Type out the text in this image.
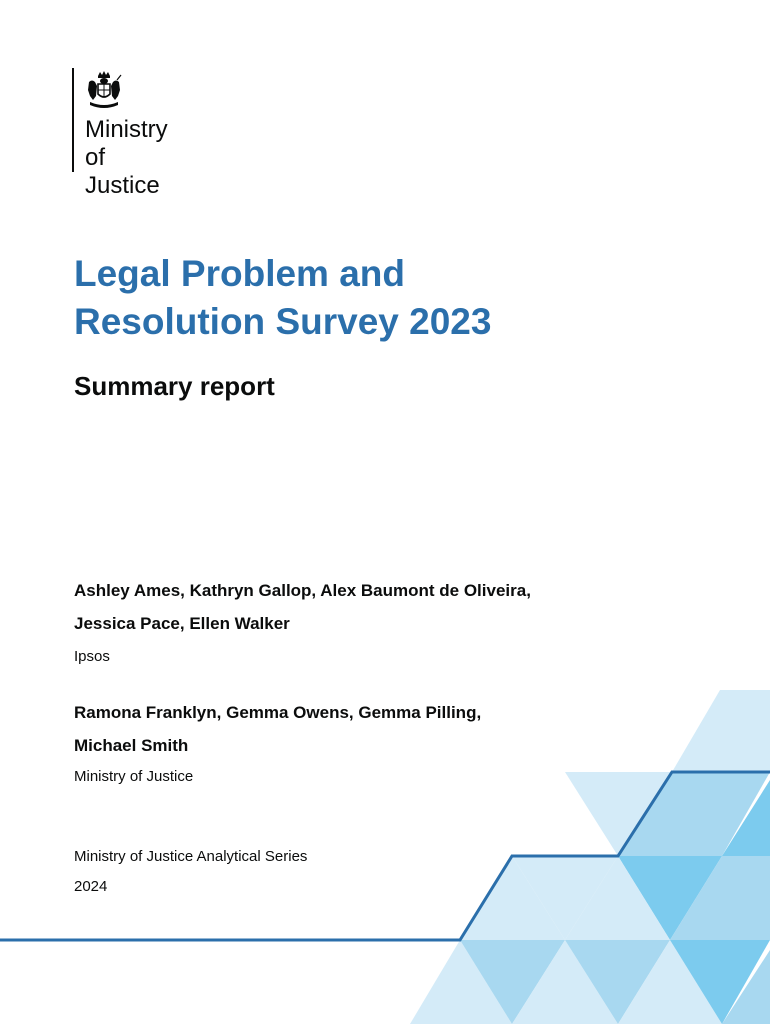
Ministry
of Justice
Legal Problem and
Resolution Survey 2023
Summary report
Ashley Ames, Kathryn Gallop, Alex Baumont de Oliveira,
Jessica Pace, Ellen Walker
Ipsos
Ramona Franklyn, Gemma Owens, Gemma Pilling,
Michael Smith
Ministry of Justice
Ministry of Justice Analytical Series
2024
